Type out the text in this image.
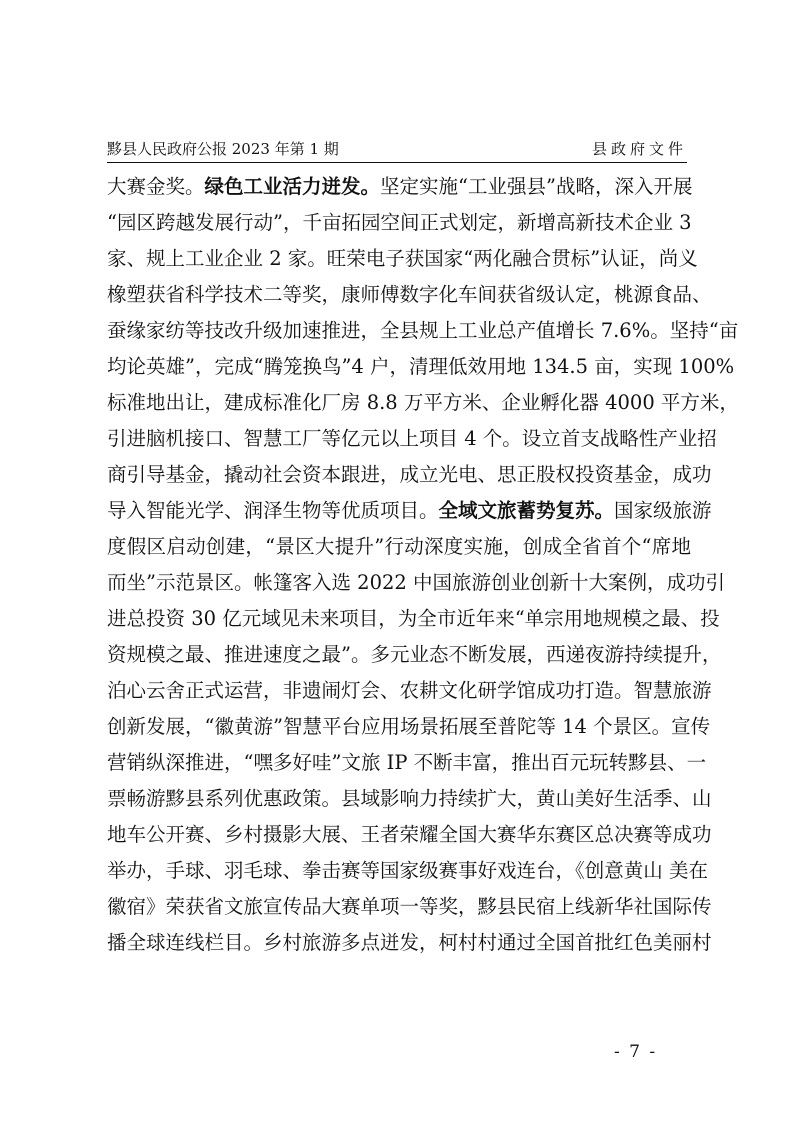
黟县人民政府公报 2023 年第 1 期	县政府文件
大赛金奖。绿色工业活力迸发。坚定实施“工业强县”战略，深入开展
“园区跨越发展行动”，千亩拓园空间正式划定，新增高新技术企业 3
家、规上工业企业 2 家。旺荣电子获国家“两化融合贯标”认证，尚义
橡塑获省科学技术二等奖，康师傅数字化车间获省级认定，桃源食品、
蚕缘家纺等技改升级加速推进，全县规上工业总产值增长 7.6%。坚持“亩
均论英雄”，完成“腾笼换鸟”4 户，清理低效用地 134.5 亩，实现 100%
标准地出让，建成标准化厂房 8.8 万平方米、企业孵化器 4000 平方米，
引进脑机接口、智慧工厂等亿元以上项目 4 个。设立首支战略性产业招
商引导基金，撬动社会资本跟进，成立光电、思正股权投资基金，成功
导入智能光学、润泽生物等优质项目。全域文旅蓄势复苏。国家级旅游
度假区启动创建，“景区大提升”行动深度实施，创成全省首个“席地
而坐”示范景区。帐篷客入选 2022 中国旅游创业创新十大案例，成功引
进总投资 30 亿元域见未来项目，为全市近年来“单宗用地规模之最、投
资规模之最、推进速度之最”。多元业态不断发展，西递夜游持续提升，
泊心云舍正式运营，非遗闹灯会、农耕文化研学馆成功打造。智慧旅游
创新发展，“徽黄游”智慧平台应用场景拓展至普陀等 14 个景区。宣传
营销纵深推进，“嘿多好哇”文旅 IP 不断丰富，推出百元玩转黟县、一
票畅游黟县系列优惠政策。县域影响力持续扩大，黄山美好生活季、山
地车公开赛、乡村摄影大展、王者荣耀全国大赛华东赛区总决赛等成功
举办，手球、羽毛球、拳击赛等国家级赛事好戏连台，《创意黄山 美在
徽宿》荣获省文旅宣传品大赛单项一等奖，黟县民宿上线新华社国际传
播全球连线栏目。乡村旅游多点迸发，柯村村通过全国首批红色美丽村
- 7 -
